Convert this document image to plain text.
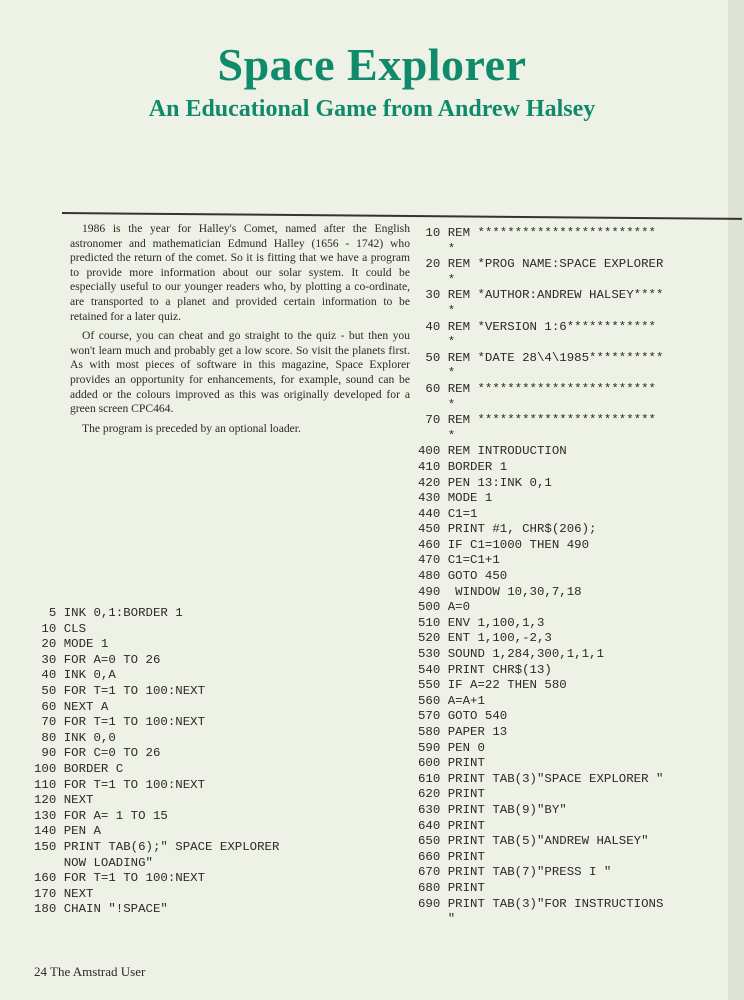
Space Explorer
An Educational Game from Andrew Halsey

1986 is the year for Halley's Comet, named after the English astronomer and mathematician Edmund Halley (1656 - 1742) who predicted the return of the comet. So it is fitting that we have a program to provide more information about our solar system. It could be especially useful to our younger readers who, by plotting a co-ordinate, are transported to a planet and provided certain information to be retained for a later quiz.

Of course, you can cheat and go straight to the quiz - but then you won't learn much and probably get a low score. So visit the planets first. As with most pieces of software in this magazine, Space Explorer provides an opportunity for enhancements, for example, sound can be added or the colours improved as this was originally developed for a green screen CPC464.

The program is preceded by an optional loader.

5 INK 0,1:BORDER 1
10 CLS
20 MODE 1
30 FOR A=0 TO 26
40 INK 0,A
50 FOR T=1 TO 100:NEXT
60 NEXT A
70 FOR T=1 TO 100:NEXT
80 INK 0,0
90 FOR C=0 TO 26
100 BORDER C
110 FOR T=1 TO 100:NEXT
120 NEXT
130 FOR A= 1 TO 15
140 PEN A
150 PRINT TAB(6);" SPACE EXPLORER
NOW LOADING"
160 FOR T=1 TO 100:NEXT
170 NEXT
180 CHAIN "!SPACE"
10 REM ************************
*
20 REM *PROG NAME:SPACE EXPLORER
*
30 REM *AUTHOR:ANDREW HALSEY****
*
40 REM *VERSION 1:6************
*
50 REM *DATE 28\4\1985**********
*
60 REM ************************
*
70 REM ************************
*
400 REM INTRODUCTION
410 BORDER 1
420 PEN 13:INK 0,1
430 MODE 1
440 C1=1
450 PRINT #1, CHR$(206);
460 IF C1=1000 THEN 490
470 C1=C1+1
480 GOTO 450
490  WINDOW 10,30,7,18
500 A=0
510 ENV 1,100,1,3
520 ENT 1,100,-2,3
530 SOUND 1,284,300,1,1,1
540 PRINT CHR$(13)
550 IF A=22 THEN 580
560 A=A+1
570 GOTO 540
580 PAPER 13
590 PEN 0
600 PRINT
610 PRINT TAB(3)"SPACE EXPLORER "
620 PRINT
630 PRINT TAB(9)"BY"
640 PRINT
650 PRINT TAB(5)"ANDREW HALSEY"
660 PRINT
670 PRINT TAB(7)"PRESS I "
680 PRINT
690 PRINT TAB(3)"FOR INSTRUCTIONS
"
24 The Amstrad User
